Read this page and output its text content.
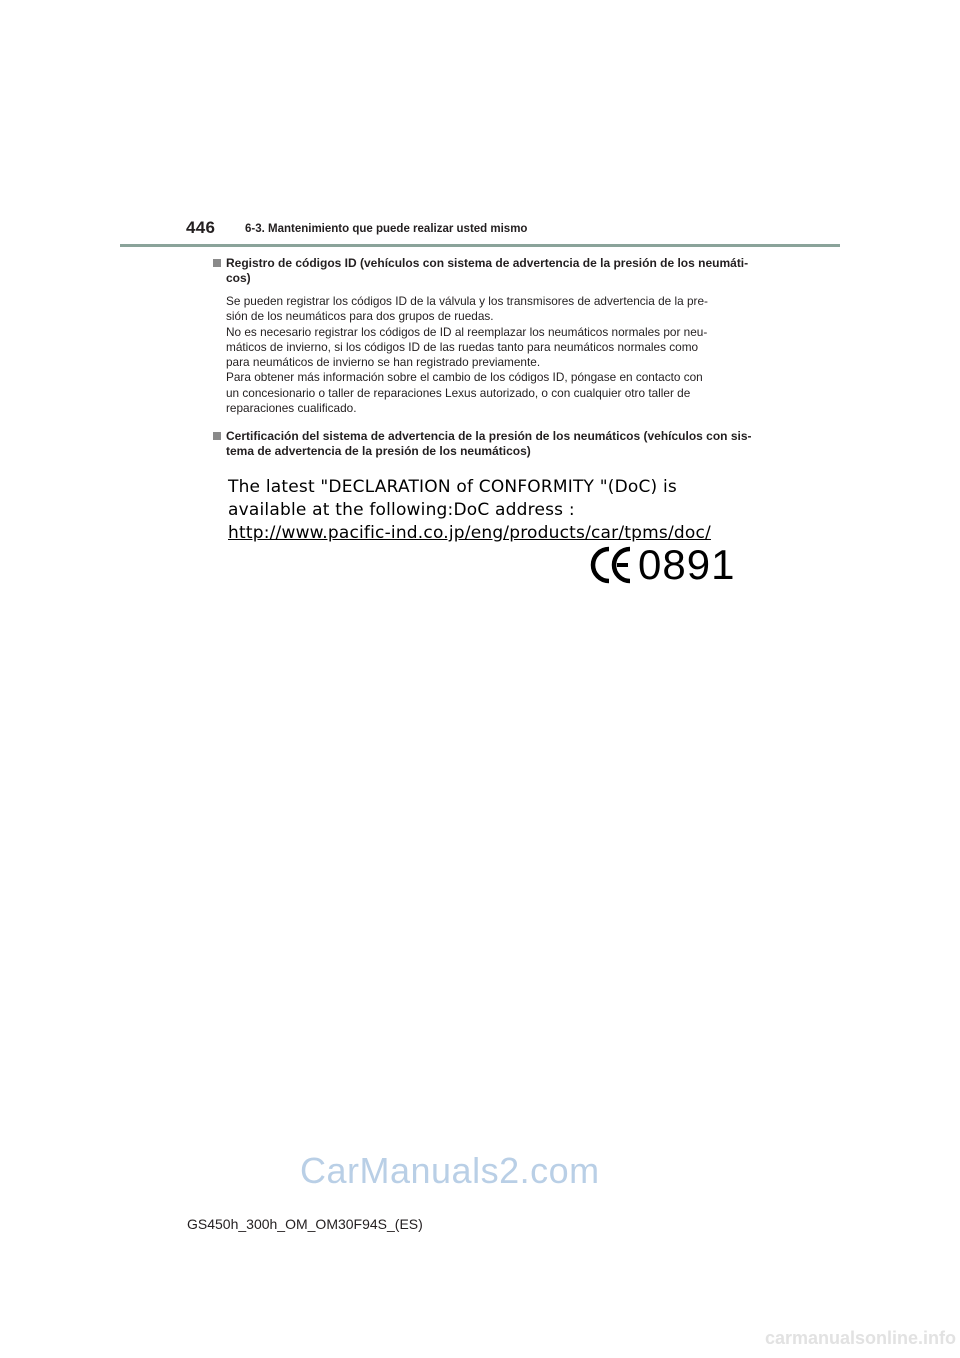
446	6-3. Mantenimiento que puede realizar usted mismo
Registro de códigos ID (vehículos con sistema de advertencia de la presión de los neumáti-
cos)

Se pueden registrar los códigos ID de la válvula y los transmisores de advertencia de la pre-
sión de los neumáticos para dos grupos de ruedas.

No es necesario registrar los códigos de ID al reemplazar los neumáticos normales por neu-
máticos de invierno, si los códigos ID de las ruedas tanto para neumáticos normales como
para neumáticos de invierno se han registrado previamente.

Para obtener más información sobre el cambio de los códigos ID, póngase en contacto con
un concesionario o taller de reparaciones Lexus autorizado, o con cualquier otro taller de
reparaciones cualificado.

Certificación del sistema de advertencia de la presión de los neumáticos (vehículos con sis-
tema de advertencia de la presión de los neumáticos)
The latest "DECLARATION of CONFORMITY "(DoC) is
available at the following:DoC address :
http://www.pacific-ind.co.jp/eng/products/car/tpms/doc/
0891
CarManuals2.com
GS450h_300h_OM_OM30F94S_(ES)
carmanualsonline.info
